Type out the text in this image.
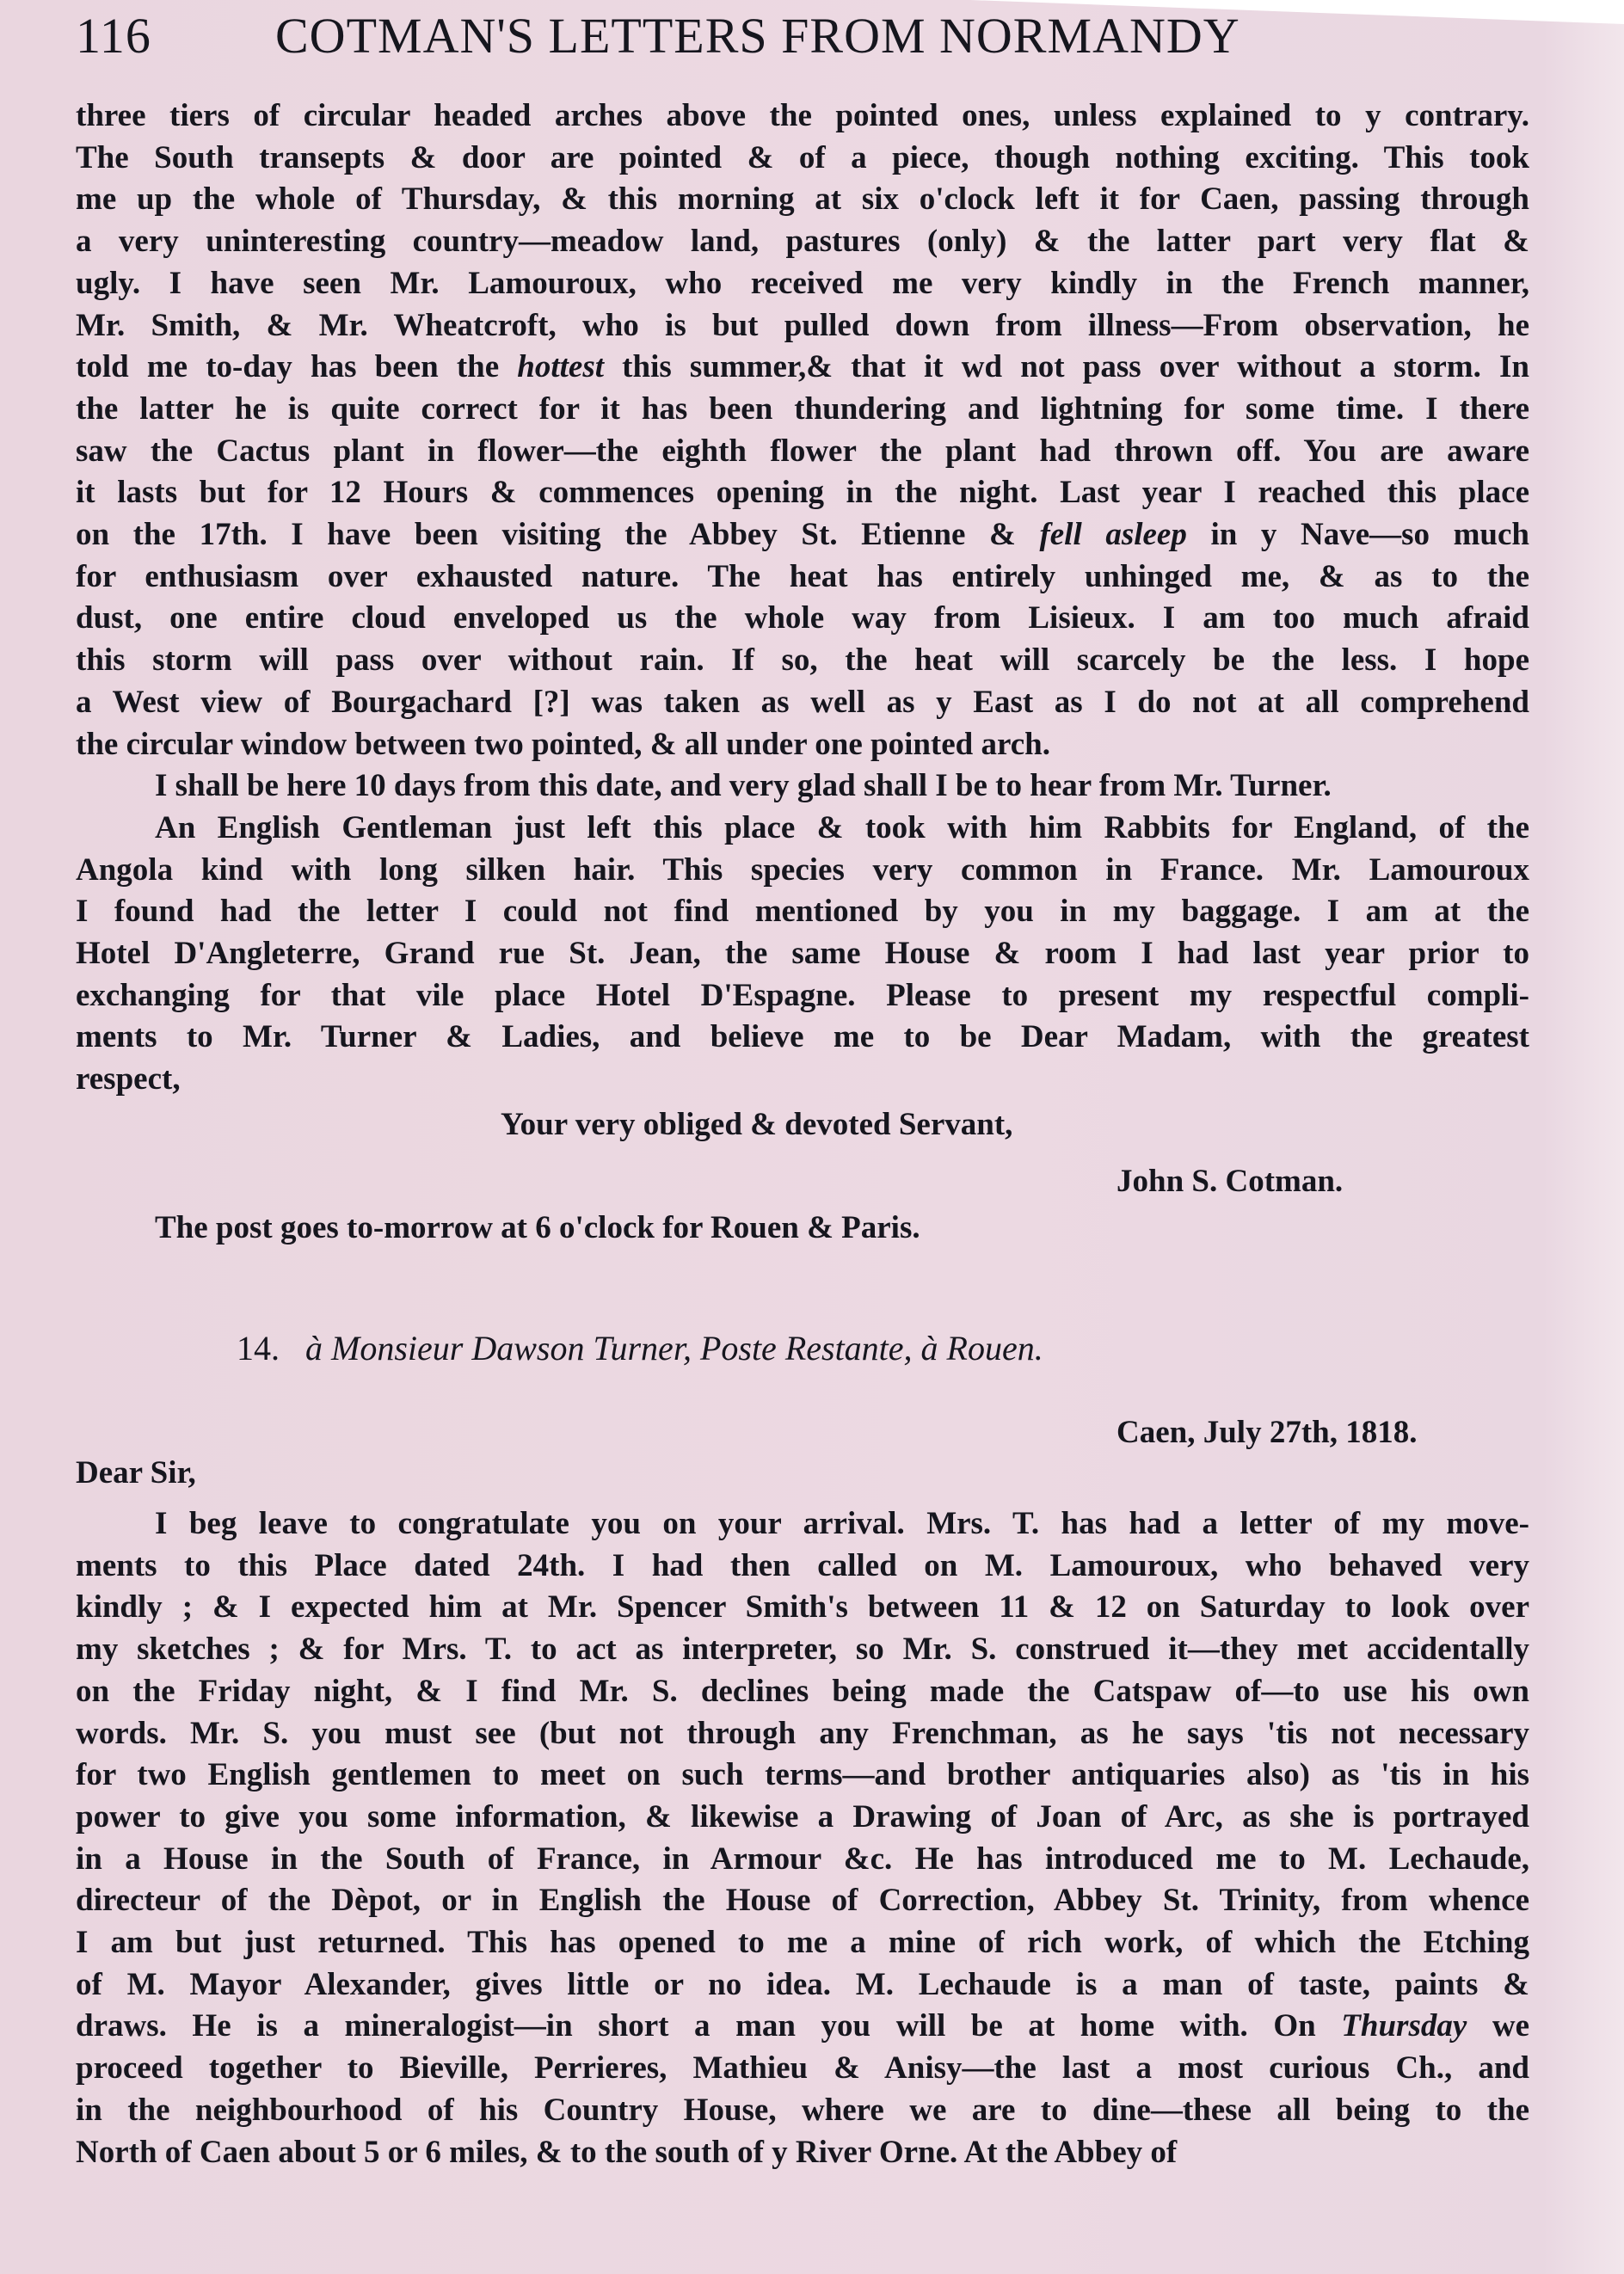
116 COTMAN'S LETTERS FROM NORMANDY
three tiers of circular headed arches above the pointed ones, unless explained to y contrary.
The South transepts & door are pointed & of a piece, though nothing exciting. This took
me up the whole of Thursday, & this morning at six o'clock left it for Caen, passing through
a very uninteresting country—meadow land, pastures (only) & the latter part very flat &
ugly. I have seen Mr. Lamouroux, who received me very kindly in the French manner,
Mr. Smith, & Mr. Wheatcroft, who is but pulled down from illness—From observation, he
told me to-day has been the hottest this summer,& that it wd not pass over without a storm. In
the latter he is quite correct for it has been thundering and lightning for some time. I there
saw the Cactus plant in flower—the eighth flower the plant had thrown off. You are aware
it lasts but for 12 Hours & commences opening in the night. Last year I reached this place
on the 17th. I have been visiting the Abbey St. Etienne & fell asleep in y Nave—so much
for enthusiasm over exhausted nature. The heat has entirely unhinged me, & as to the
dust, one entire cloud enveloped us the whole way from Lisieux. I am too much afraid
this storm will pass over without rain. If so, the heat will scarcely be the less. I hope
a West view of Bourgachard [?] was taken as well as y East as I do not at all comprehend
the circular window between two pointed, & all under one pointed arch.
I shall be here 10 days from this date, and very glad shall I be to hear from Mr. Turner.
An English Gentleman just left this place & took with him Rabbits for England, of the
Angola kind with long silken hair. This species very common in France. Mr. Lamouroux
I found had the letter I could not find mentioned by you in my baggage. I am at the
Hotel D'Angleterre, Grand rue St. Jean, the same House & room I had last year prior to
exchanging for that vile place Hotel D'Espagne. Please to present my respectful compli-
ments to Mr. Turner & Ladies, and believe me to be Dear Madam, with the greatest
respect,
Your very obliged & devoted Servant,
John S. Cotman.
The post goes to-morrow at 6 o'clock for Rouen & Paris.
14. à Monsieur Dawson Turner, Poste Restante, à Rouen.
Caen, July 27th, 1818.
Dear Sir,
I beg leave to congratulate you on your arrival. Mrs. T. has had a letter of my move-
ments to this Place dated 24th. I had then called on M. Lamouroux, who behaved very
kindly ; & I expected him at Mr. Spencer Smith's between 11 & 12 on Saturday to look over
my sketches ; & for Mrs. T. to act as interpreter, so Mr. S. construed it—they met accidentally
on the Friday night, & I find Mr. S. declines being made the Catspaw of—to use his own
words. Mr. S. you must see (but not through any Frenchman, as he says 'tis not necessary
for two English gentlemen to meet on such terms—and brother antiquaries also) as 'tis in his
power to give you some information, & likewise a Drawing of Joan of Arc, as she is portrayed
in a House in the South of France, in Armour &c. He has introduced me to M. Lechaude,
directeur of the Dèpot, or in English the House of Correction, Abbey St. Trinity, from whence
I am but just returned. This has opened to me a mine of rich work, of which the Etching
of M. Mayor Alexander, gives little or no idea. M. Lechaude is a man of taste, paints &
draws. He is a mineralogist—in short a man you will be at home with. On Thursday we
proceed together to Bieville, Perrieres, Mathieu & Anisy—the last a most curious Ch., and
in the neighbourhood of his Country House, where we are to dine—these all being to the
North of Caen about 5 or 6 miles, & to the south of y River Orne. At the Abbey of
